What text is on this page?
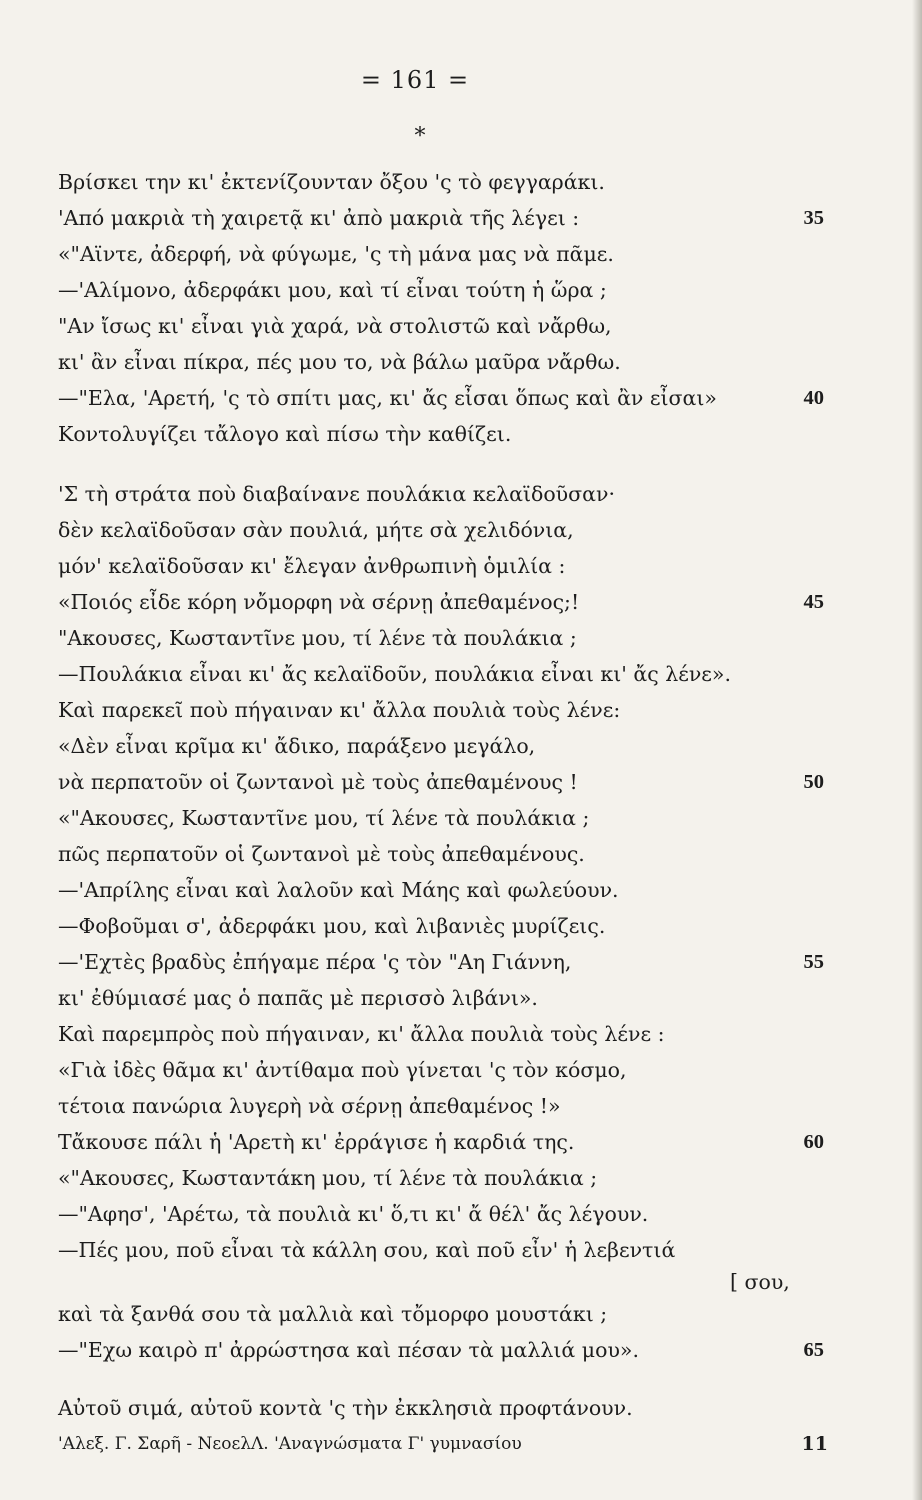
= 161 =
*
Βρίσκει την κι' ἐκτενίζουνταν ὄξου 'ς τὸ φεγγαράκι.
'Από μακριὰ τὴ χαιρετᾷ κι' ἀπὸ μακριὰ τῆς λέγει :
«"Αϊντε, ἀδερφή, νὰ φύγωμε, 'ς τὴ μάνα μας νὰ πᾶμε.
—'Αλίμονο, ἀδερφάκι μου, καὶ τί εἶναι τούτη ἡ ὥρα ;
"Αν ἴσως κι' εἶναι γιὰ χαρά, νὰ στολιστῶ καὶ νἄρθω,
κι' ἂν εἶναι πίκρα, πές μου το, νὰ βάλω μαῦρα νἄρθω.
—"Ελα, 'Αρετή, 'ς τὸ σπίτι μας, κι' ἄς εἶσαι ὅπως καὶ ἂν εἶσαι»
Κοντολυγίζει τἄλογο καὶ πίσω τὴν καθίζει.
'Σ τὴ στράτα ποὺ διαβαίνανε πουλάκια κελαϊδοῦσαν·
δὲν κελαϊδοῦσαν σὰν πουλιά, μήτε σὰ χελιδόνια,
μόν' κελαϊδοῦσαν κι' ἔλεγαν ἀνθρωπινὴ ὁμιλία :
«Ποιός εἶδε κόρη νὄμορφη νὰ σέρνῃ ἀπεθαμένος;!
"Ακουσες, Κωσταντῖνε μου, τί λένε τὰ πουλάκια ;
—Πουλάκια εἶναι κι' ἄς κελαϊδοῦν, πουλάκια εἶναι κι' ἄς λένε».
Καὶ παρεκεῖ ποὺ πήγαιναν κι' ἄλλα πουλιὰ τοὺς λένε:
«Δὲν εἶναι κρῖμα κι' ἄδικο, παράξενο μεγάλο,
νὰ περπατοῦν οἱ ζωντανοὶ μὲ τοὺς ἀπεθαμένους !
«"Ακουσες, Κωσταντῖνε μου, τί λένε τὰ πουλάκια ;
πῶς περπατοῦν οἱ ζωντανοὶ μὲ τοὺς ἀπεθαμένους.
—'Απρίλης εἶναι καὶ λαλοῦν καὶ Μάης καὶ φωλεύουν.
—Φοβοῦμαι σ', ἀδερφάκι μου, καὶ λιβανιὲς μυρίζεις.
—'Εχτὲς βραδὺς ἐπήγαμε πέρα 'ς τὸν "Αη Γιάννη,
κι' ἐθύμιασέ μας ὁ παπᾶς μὲ περισσὸ λιβάνι».
Καὶ παρεμπρὸς ποὺ πήγαιναν, κι' ἄλλα πουλιὰ τοὺς λένε :
«Γιὰ ἰδὲς θᾶμα κι' ἀντίθαμα ποὺ γίνεται 'ς τὸν κόσμο,
τέτοια πανώρια λυγερὴ νὰ σέρνῃ ἀπεθαμένος !»
Τἄκουσε πάλι ἡ 'Αρετὴ κι' ἐρράγισε ἡ καρδιά της.
«"Ακουσες, Κωσταντάκη μου, τί λένε τὰ πουλάκια ;
—"Αφησ', 'Αρέτω, τὰ πουλιὰ κι' ὅ,τι κι' ἄ θέλ' ἄς λέγουν.
—Πές μου, ποῦ εἶναι τὰ κάλλη σου, καὶ ποῦ εἶν' ἡ λεβεντιά
[ σου,
καὶ τὰ ξανθά σου τὰ μαλλιὰ καὶ τὄμορφο μουστάκι ;
—"Εχω καιρὸ π' ἀρρώστησα καὶ πέσαν τὰ μαλλιά μου».
Αὐτοῦ σιμά, αὐτοῦ κοντὰ 'ς τὴν ἐκκλησιὰ προφτάνουν.
35
40
45
50
55
60
65
'Αλεξ. Γ. Σαρῆ - ΝεοελΛ. 'Αναγνώσματα Γ' γυμνασίου	11
